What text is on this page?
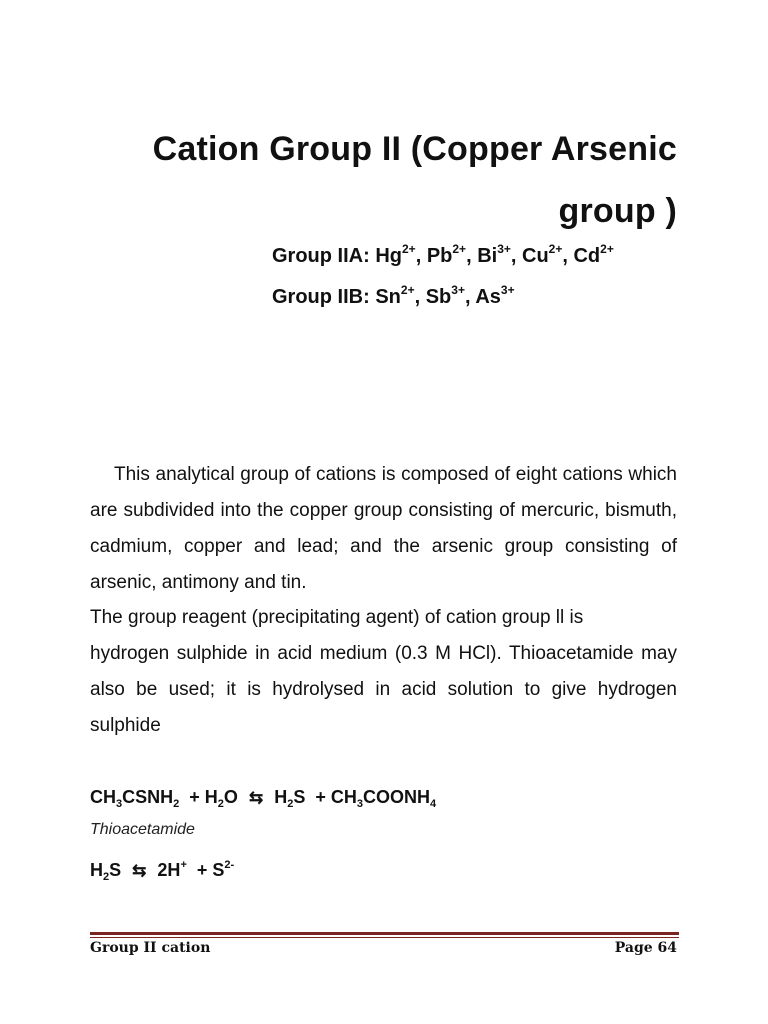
Cation Group II (Copper Arsenic group )
Group IIA: $Hg^{2+}$, $Pb^{2+}$, $Bi^{3+}$, $Cu^{2+}$, $Cd^{2+}$
Group IIB: $Sn^{2+}$, $Sb^{3+}$, $As^{3+}$
This analytical group of cations is composed of eight cations which are subdivided into the copper group consisting of mercuric, bismuth, cadmium, copper and lead; and the arsenic group consisting of arsenic, antimony and tin.
The group reagent (precipitating agent) of cation group ll is
hydrogen sulphide in acid medium (0.3 M HCl). Thioacetamide may also be used; it is hydrolysed in acid solution to give hydrogen sulphide
$CH_3CSNH_2 + H_2O$ ⇆ $H_2S$ + $CH_3COONH_4$
Thioacetamide
$H_2S$ ⇆ $2H^+ + S^{2-}$
Group II cation	Page 64
